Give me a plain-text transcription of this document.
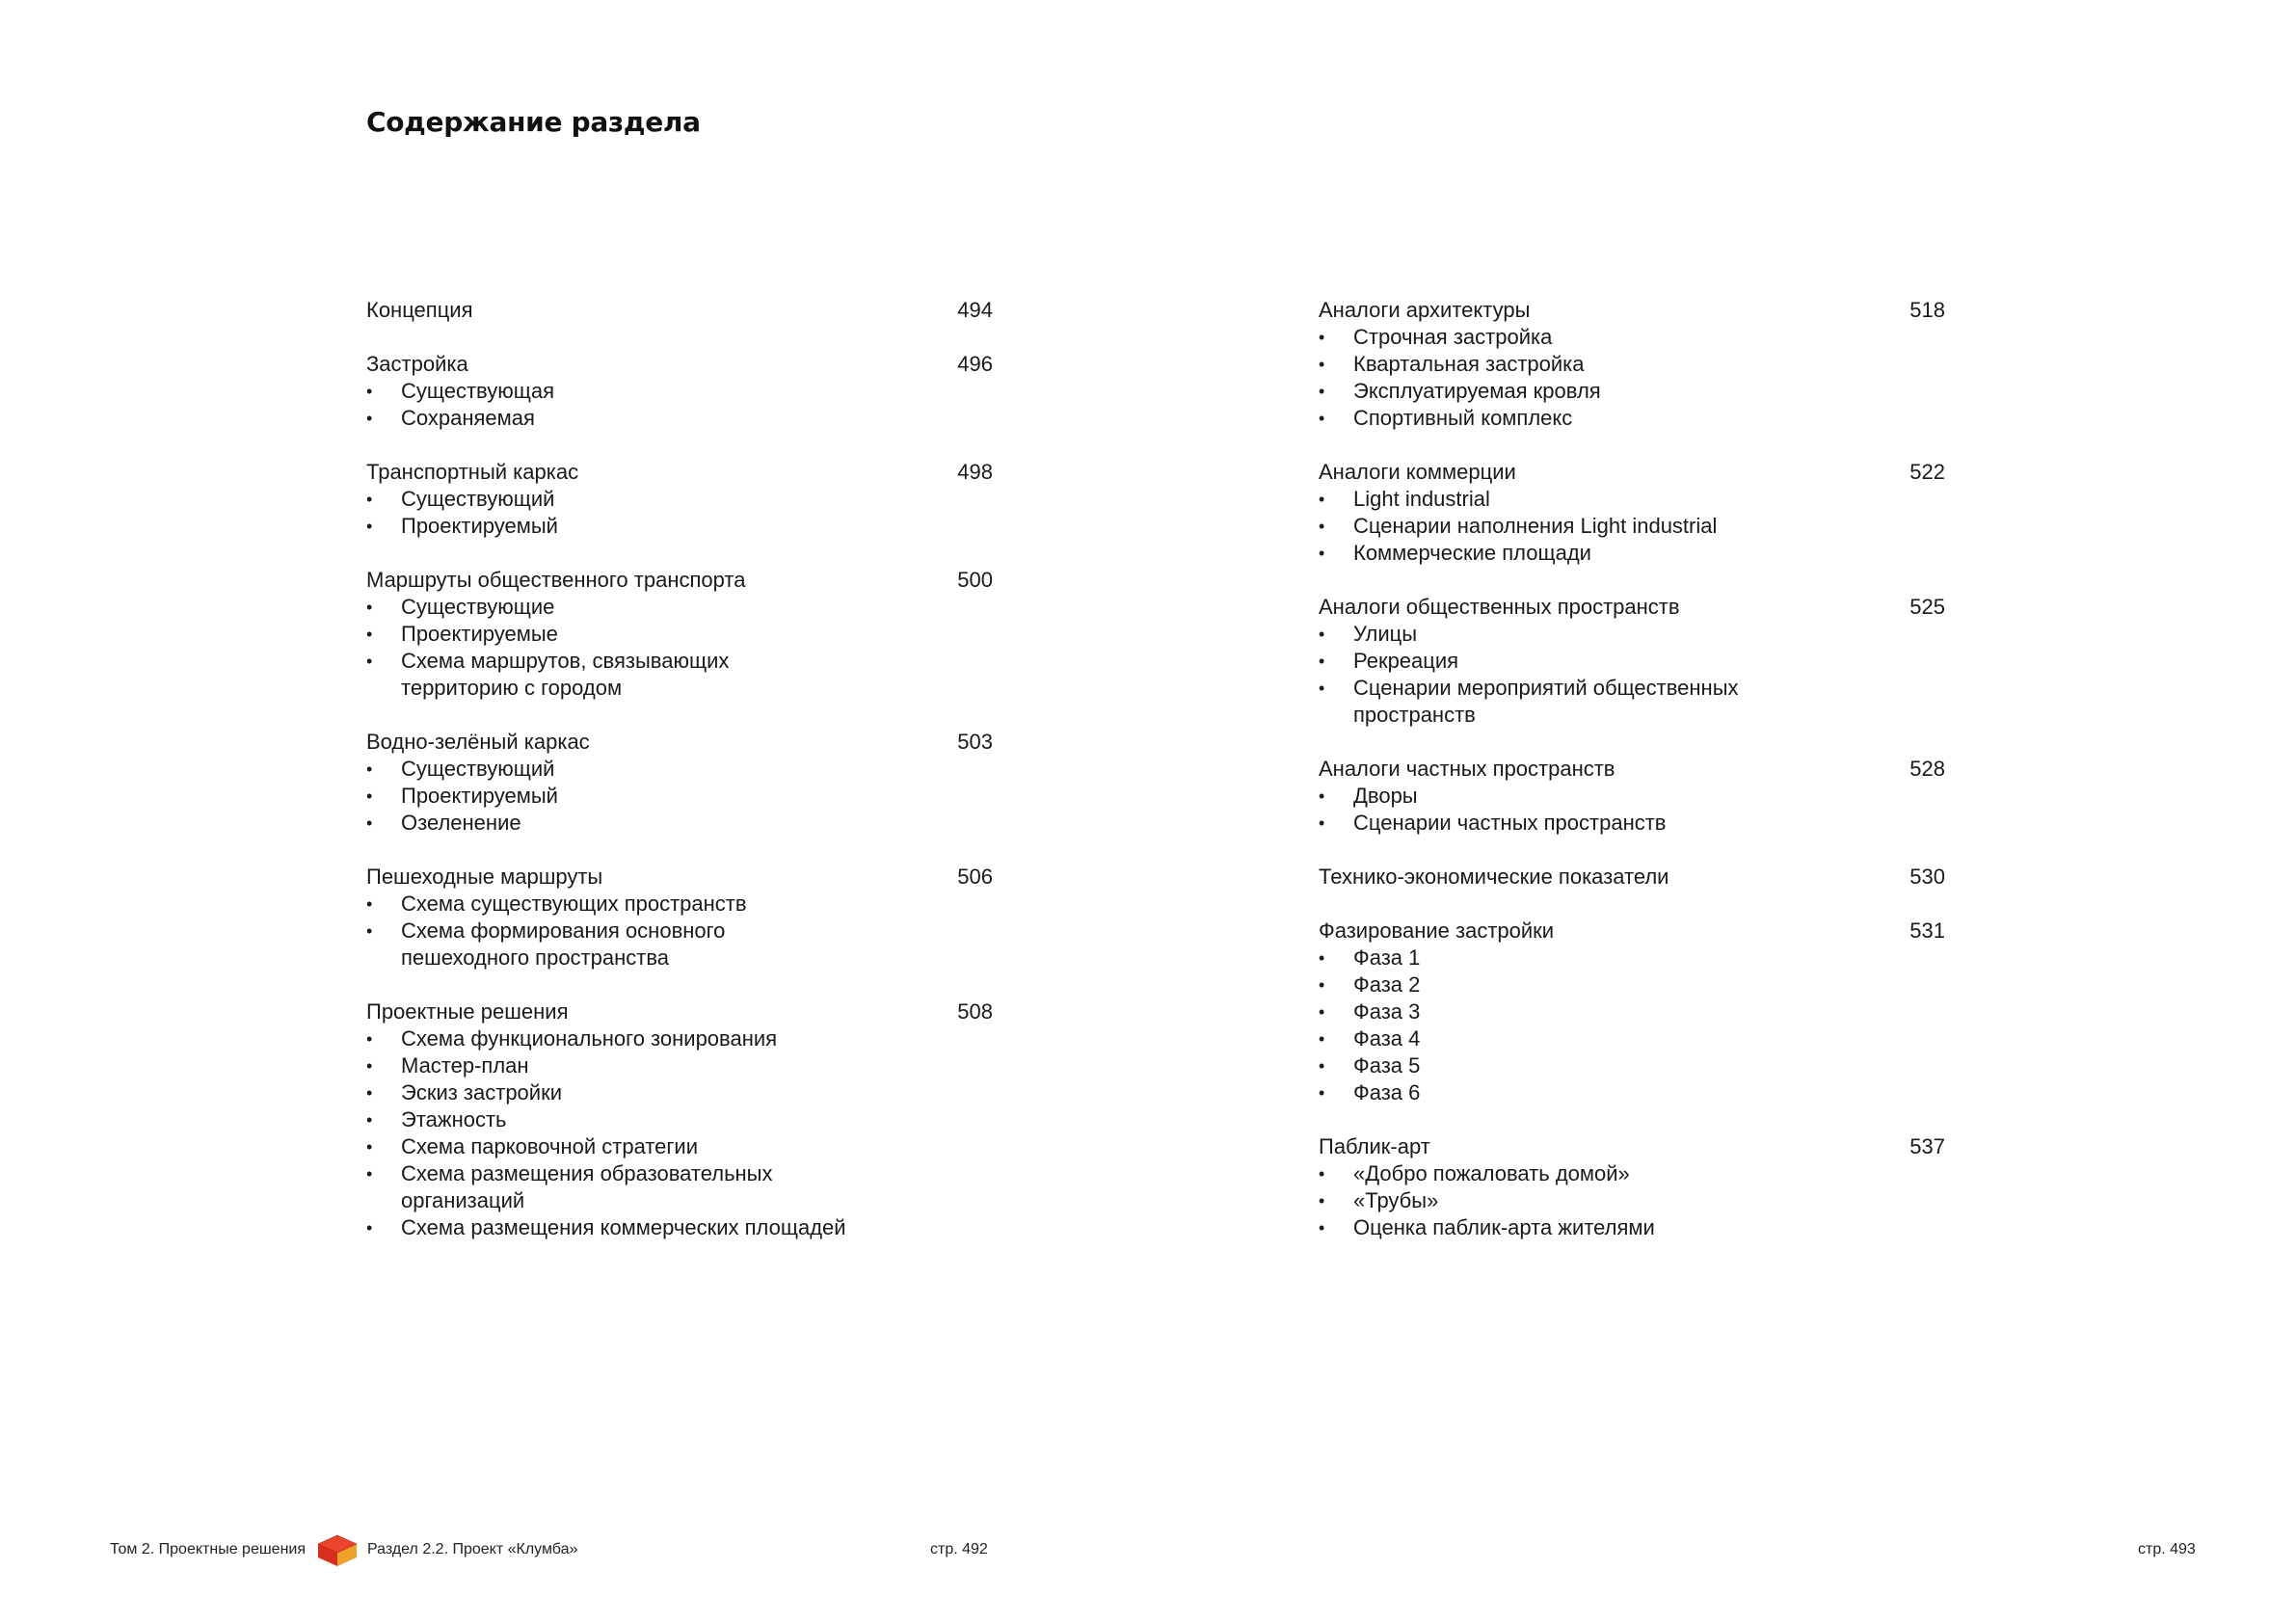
Содержание раздела
Концепция	494
Застройка	496
• Существующая
• Сохраняемая
Транспортный каркас	498
• Существующий
• Проектируемый
Маршруты общественного транспорта	500
• Существующие
• Проектируемые
• Схема маршрутов, связывающих
территорию с городом
Водно-зелёный каркас	503
• Существующий
• Проектируемый
• Озеленение
Пешеходные маршруты	506
• Схема существующих пространств
• Схема формирования основного
пешеходного пространства
Проектные решения	508
• Схема функционального зонирования
• Мастер-план
• Эскиз застройки
• Этажность
• Схема парковочной стратегии
• Схема размещения образовательных
организаций
• Схема размещения коммерческих площадей
Аналоги архитектуры	518
• Строчная застройка
• Квартальная застройка
• Эксплуатируемая кровля
• Спортивный комплекс
Аналоги коммерции	522
• Light industrial
• Сценарии наполнения Light industrial
• Коммерческие площади
Аналоги общественных пространств	525
• Улицы
• Рекреация
• Сценарии мероприятий общественных
пространств
Аналоги частных пространств	528
• Дворы
• Сценарии частных пространств
Технико-экономические показатели	530
Фазирование застройки	531
• Фаза 1
• Фаза 2
• Фаза 3
• Фаза 4
• Фаза 5
• Фаза 6
Паблик-арт	537
• «Добро пожаловать домой»
• «Трубы»
• Оценка паблик-арта жителями
Том 2. Проектные решения	Раздел 2.2. Проект «Клумба»	стр. 492	стр. 493
